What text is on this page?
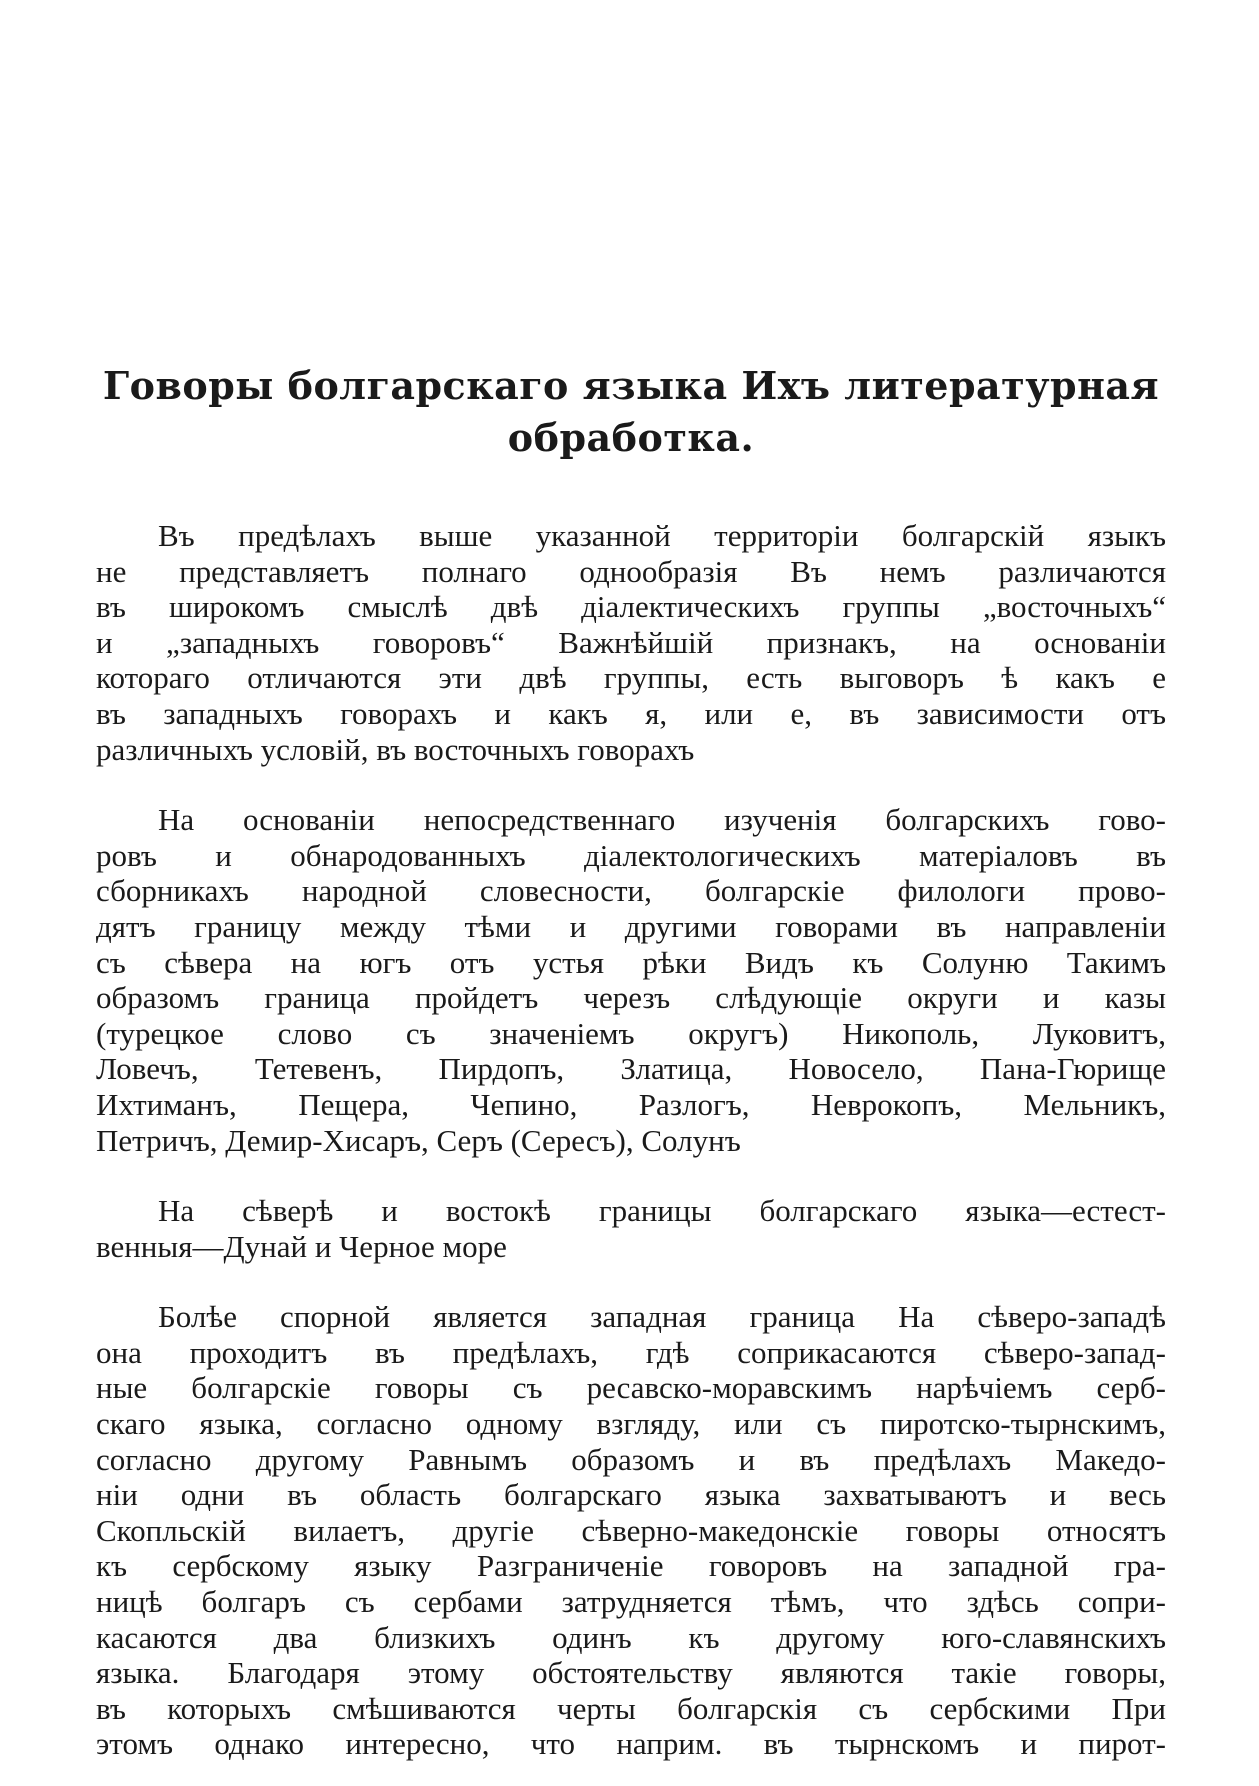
Говоры болгарскаго языка Ихъ литературная
обработка.

Въ предѣлахъ выше указанной территоріи болгарскій языкъ
не представляетъ полнаго однообразія Въ немъ различаются
въ широкомъ смыслѣ двѣ діалектическихъ группы „восточныхъ“
и „западныхъ говоровъ“ Важнѣйшій признакъ, на основаніи
котораго отличаются эти двѣ группы, есть выговоръ ѣ какъ е
въ западныхъ говорахъ и какъ я, или е, въ зависимости отъ
различныхъ условій, въ восточныхъ говорахъ

На основаніи непосредственнаго изученія болгарскихъ гово-
ровъ и обнародованныхъ діалектологическихъ матеріаловъ въ
сборникахъ народной словесности, болгарскіе филологи прово-
дятъ границу между тѣми и другими говорами въ направленіи
съ сѣвера на югъ отъ устья рѣки Видъ къ Солуню Такимъ
образомъ граница пройдетъ черезъ слѣдующіе округи и казы
(турецкое слово съ значеніемъ округъ) Никополь, Луковитъ,
Ловечъ, Тетевенъ, Пирдопъ, Златица, Новосело, Пана-Гюрище
Ихтиманъ, Пещера, Чепино, Разлогъ, Неврокопъ, Мельникъ,
Петричъ, Демир-Хисаръ, Серъ (Сересъ), Солунъ

На сѣверѣ и востокѣ границы болгарскаго языка—естест-
венныя—Дунай и Черное море

Болѣе спорной является западная граница На сѣверо-западѣ
она проходитъ въ предѣлахъ, гдѣ соприкасаются сѣверо-запад-
ные болгарскіе говоры съ ресавско-моравскимъ нарѣчіемъ серб-
скаго языка, согласно одному взгляду, или съ пиротско-тырнскимъ,
согласно другому Равнымъ образомъ и въ предѣлахъ Македо-
ніи одни въ область болгарскаго языка захватываютъ и весь
Скопльскій вилаетъ, другіе сѣверно-македонскіе говоры относятъ
къ сербскому языку Разграниченіе говоровъ на западной гра-
ницѣ болгаръ съ сербами затрудняется тѣмъ, что здѣсь сопри-
касаются два близкихъ одинъ къ другому юго-славянскихъ
языка. Благодаря этому обстоятельству являются такіе говоры,
въ которыхъ смѣшиваются черты болгарскія съ сербскими При
этомъ однако интересно, что наприм. въ тырнскомъ и пирот-
